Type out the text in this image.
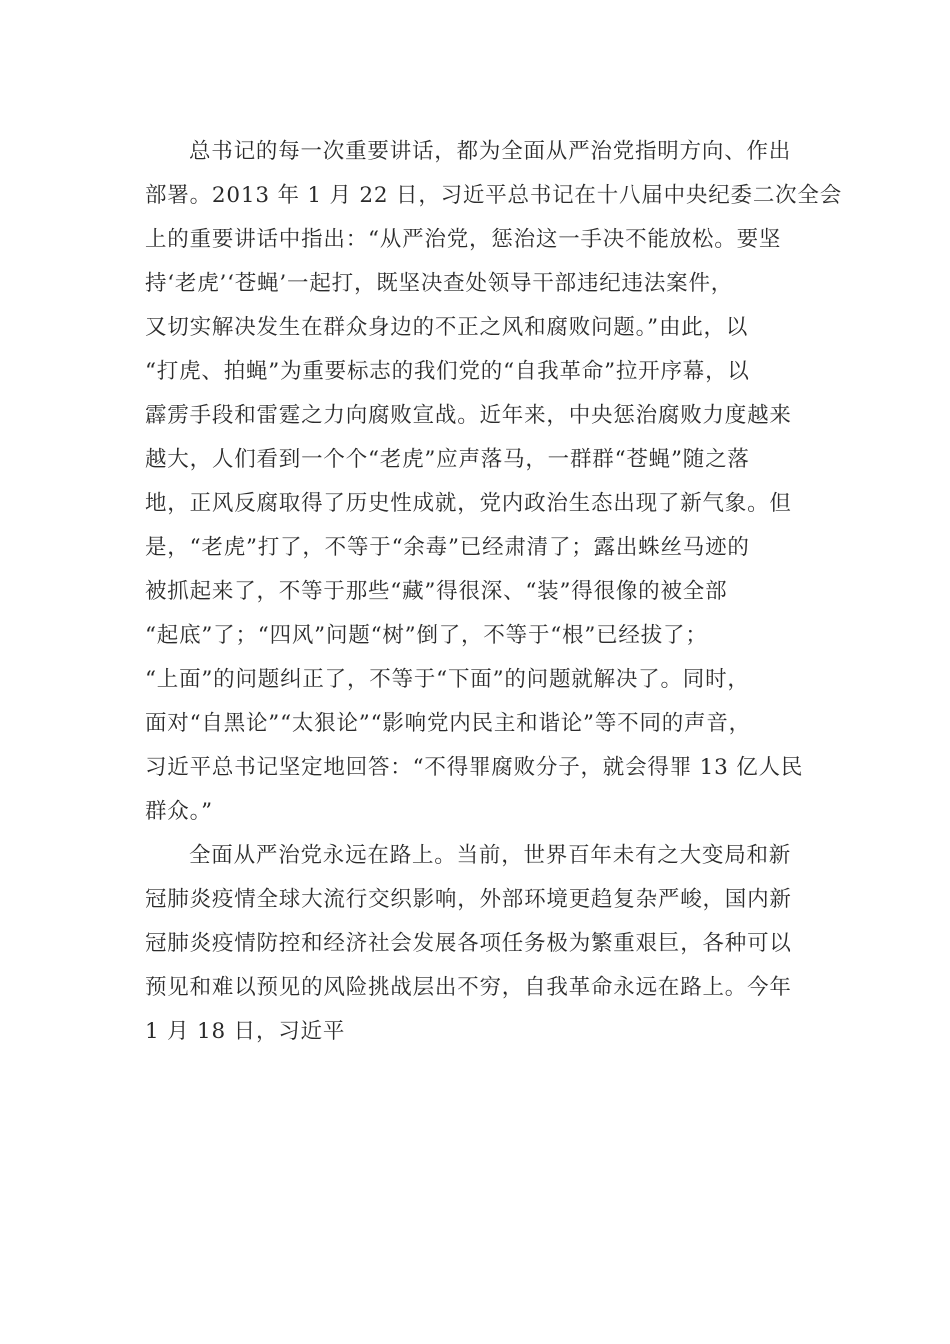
总书记的每一次重要讲话，都为全面从严治党指明方向、作出
部署。2013 年 1 月 22 日，习近平总书记在十八届中央纪委二次全会
上的重要讲话中指出：“从严治党，惩治这一手决不能放松。要坚
持‘老虎’‘苍蝇’一起打，既坚决查处领导干部违纪违法案件，
又切实解决发生在群众身边的不正之风和腐败问题。”由此，以
“打虎、拍蝇”为重要标志的我们党的“自我革命”拉开序幕，以
霹雳手段和雷霆之力向腐败宣战。近年来，中央惩治腐败力度越来
越大，人们看到一个个“老虎”应声落马，一群群“苍蝇”随之落
地，正风反腐取得了历史性成就，党内政治生态出现了新气象。但
是，“老虎”打了，不等于“余毒”已经肃清了；露出蛛丝马迹的
被抓起来了，不等于那些“藏”得很深、“装”得很像的被全部
“起底”了；“四风”问题“树”倒了，不等于“根”已经拔了；
“上面”的问题纠正了，不等于“下面”的问题就解决了。同时，
面对“自黑论”“太狠论”“影响党内民主和谐论”等不同的声音，
习近平总书记坚定地回答：“不得罪腐败分子，就会得罪 13 亿人民
群众。”
全面从严治党永远在路上。当前，世界百年未有之大变局和新
冠肺炎疫情全球大流行交织影响，外部环境更趋复杂严峻，国内新
冠肺炎疫情防控和经济社会发展各项任务极为繁重艰巨，各种可以
预见和难以预见的风险挑战层出不穷，自我革命永远在路上。今年
1 月 18 日，习近平
